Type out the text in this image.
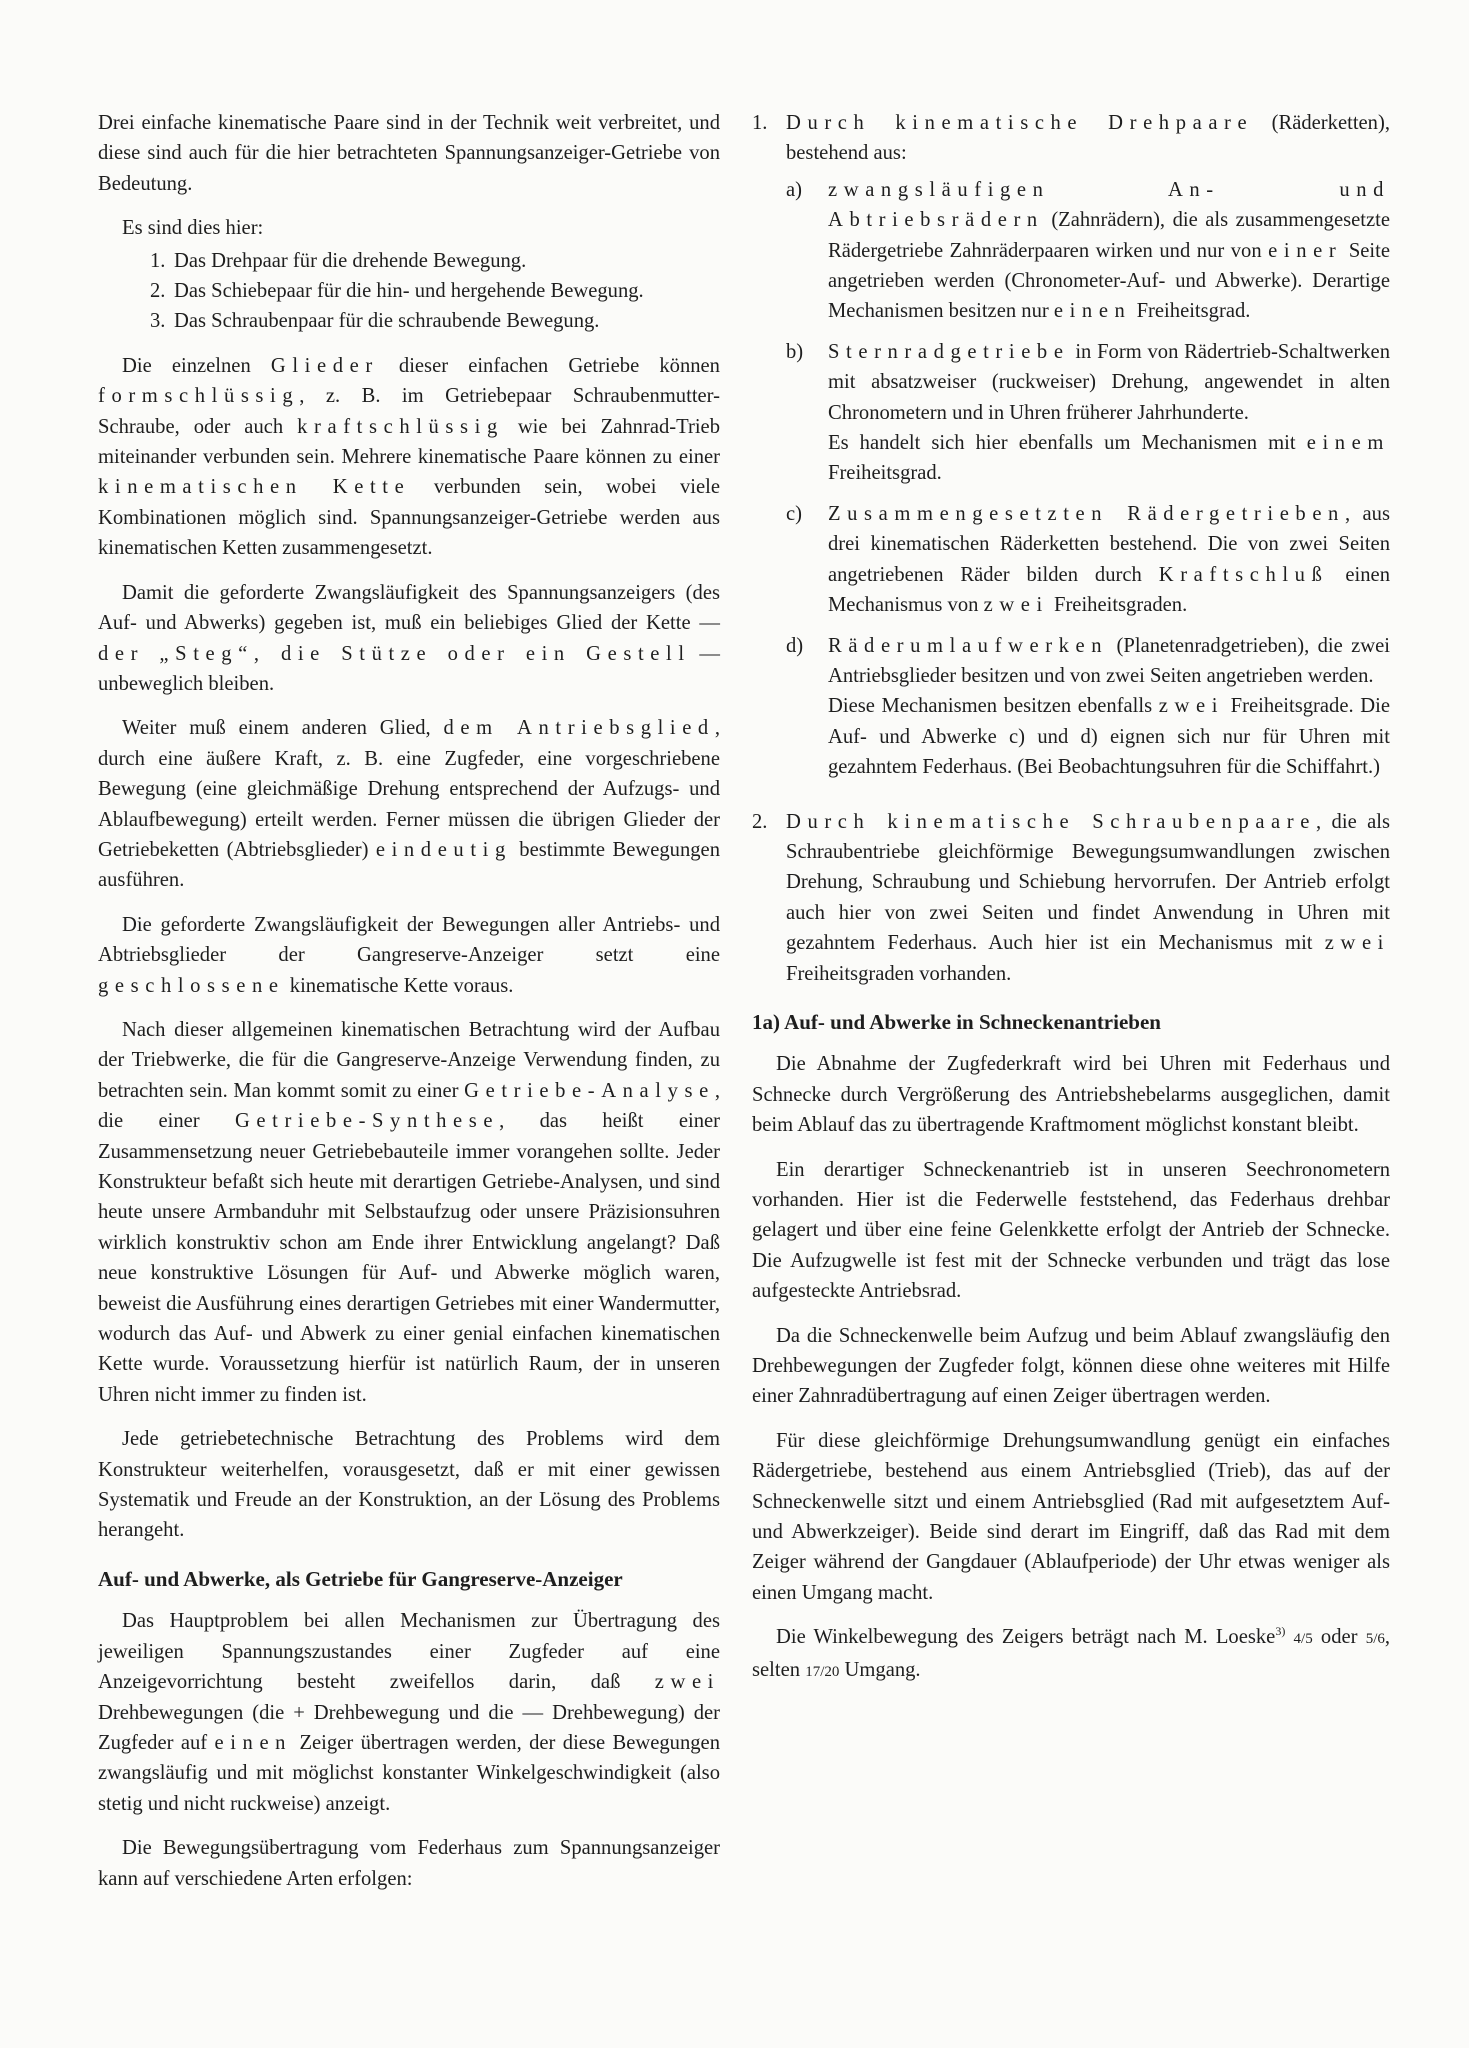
Drei einfache kinematische Paare sind in der Technik weit verbreitet, und diese sind auch für die hier betrachteten Spannungsanzeiger-Getriebe von Bedeutung.

Es sind dies hier:

1. Das Drehpaar für die drehende Bewegung.
2. Das Schiebepaar für die hin- und hergehende Bewegung.
3. Das Schraubenpaar für die schraubende Bewegung.

Die einzelnen Glieder dieser einfachen Getriebe können formschlüssig, z. B. im Getriebepaar Schraubenmutter-Schraube, oder auch kraftschlüssig wie bei Zahnrad-Trieb miteinander verbunden sein. Mehrere kinematische Paare können zu einer kinematischen Kette verbunden sein, wobei viele Kombinationen möglich sind. Spannungsanzeiger-Getriebe werden aus kinematischen Ketten zusammengesetzt.

Damit die geforderte Zwangsläufigkeit des Spannungsanzeigers (des Auf- und Abwerks) gegeben ist, muß ein beliebiges Glied der Kette — der „Steg“, die Stütze oder ein Gestell — unbeweglich bleiben.

Weiter muß einem anderen Glied, dem Antriebsglied, durch eine äußere Kraft, z. B. eine Zugfeder, eine vorgeschriebene Bewegung (eine gleichmäßige Drehung entsprechend der Aufzugs- und Ablaufbewegung) erteilt werden. Ferner müssen die übrigen Glieder der Getriebeketten (Abtriebsglieder) eindeutig bestimmte Bewegungen ausführen.

Die geforderte Zwangsläufigkeit der Bewegungen aller Antriebs- und Abtriebsglieder der Gangreserve-Anzeiger setzt eine geschlossene kinematische Kette voraus.

Nach dieser allgemeinen kinematischen Betrachtung wird der Aufbau der Triebwerke, die für die Gangreserve-Anzeige Verwendung finden, zu betrachten sein. Man kommt somit zu einer Getriebe-Analyse, die einer Getriebe-Synthese, das heißt einer Zusammensetzung neuer Getriebebauteile immer vorangehen sollte. Jeder Konstrukteur befaßt sich heute mit derartigen Getriebe-Analysen, und sind heute unsere Armbanduhr mit Selbstaufzug oder unsere Präzisionsuhren wirklich konstruktiv schon am Ende ihrer Entwicklung angelangt? Daß neue konstruktive Lösungen für Auf- und Abwerke möglich waren, beweist die Ausführung eines derartigen Getriebes mit einer Wandermutter, wodurch das Auf- und Abwerk zu einer genial einfachen kinematischen Kette wurde. Voraussetzung hierfür ist natürlich Raum, der in unseren Uhren nicht immer zu finden ist.

Jede getriebetechnische Betrachtung des Problems wird dem Konstrukteur weiterhelfen, vorausgesetzt, daß er mit einer gewissen Systematik und Freude an der Konstruktion, an der Lösung des Problems herangeht.

Auf- und Abwerke, als Getriebe für Gangreserve-Anzeiger

Das Hauptproblem bei allen Mechanismen zur Übertragung des jeweiligen Spannungszustandes einer Zugfeder auf eine Anzeigevorrichtung besteht zweifellos darin, daß zwei Drehbewegungen (die + Drehbewegung und die — Drehbewegung) der Zugfeder auf einen Zeiger übertragen werden, der diese Bewegungen zwangsläufig und mit möglichst konstanter Winkelgeschwindigkeit (also stetig und nicht ruckweise) anzeigt.

Die Bewegungsübertragung vom Federhaus zum Spannungsanzeiger kann auf verschiedene Arten erfolgen:

1. Durch kinematische Drehpaare (Räderketten), bestehend aus:
a)	zwangsläufigen An- und Abtriebsrädern (Zahnrädern), die als zusammengesetzte Rädergetriebe Zahnräderpaaren wirken und nur von einer Seite angetrieben werden (Chronometer-Auf- und Abwerke). Derartige Mechanismen besitzen nur einen Freiheitsgrad.
b)	Sternradgetriebe in Form von Rädertrieb-Schaltwerken mit absatzweiser (ruckweiser) Drehung, angewendet in alten Chronometern und in Uhren früherer Jahrhunderte.
Es handelt sich hier ebenfalls um Mechanismen mit einem Freiheitsgrad.
c)	Zusammengesetzten Rädergetrieben, aus drei kinematischen Räderketten bestehend. Die von zwei Seiten angetriebenen Räder bilden durch Kraftschluß einen Mechanismus von zwei Freiheitsgraden.
d)	Räderumlaufwerken (Planetenradgetrieben), die zwei Antriebsglieder besitzen und von zwei Seiten angetrieben werden.
Diese Mechanismen besitzen ebenfalls zwei Freiheitsgrade. Die Auf- und Abwerke c) und d) eignen sich nur für Uhren mit gezahntem Federhaus. (Bei Beobachtungsuhren für die Schiffahrt.)
2. Durch kinematische Schraubenpaare, die als Schraubentriebe gleichförmige Bewegungsumwandlungen zwischen Drehung, Schraubung und Schiebung hervorrufen. Der Antrieb erfolgt auch hier von zwei Seiten und findet Anwendung in Uhren mit gezahntem Federhaus. Auch hier ist ein Mechanismus mit zwei Freiheitsgraden vorhanden.
1a) Auf- und Abwerke in Schneckenantrieben

Die Abnahme der Zugfederkraft wird bei Uhren mit Federhaus und Schnecke durch Vergrößerung des Antriebshebelarms ausgeglichen, damit beim Ablauf das zu übertragende Kraftmoment möglichst konstant bleibt.

Ein derartiger Schneckenantrieb ist in unseren Seechronometern vorhanden. Hier ist die Federwelle feststehend, das Federhaus drehbar gelagert und über eine feine Gelenkkette erfolgt der Antrieb der Schnecke. Die Aufzugwelle ist fest mit der Schnecke verbunden und trägt das lose aufgesteckte Antriebsrad.

Da die Schneckenwelle beim Aufzug und beim Ablauf zwangsläufig den Drehbewegungen der Zugfeder folgt, können diese ohne weiteres mit Hilfe einer Zahnradübertragung auf einen Zeiger übertragen werden.

Für diese gleichförmige Drehungsumwandlung genügt ein einfaches Rädergetriebe, bestehend aus einem Antriebsglied (Trieb), das auf der Schneckenwelle sitzt und einem Antriebsglied (Rad mit aufgesetztem Auf- und Abwerkzeiger). Beide sind derart im Eingriff, daß das Rad mit dem Zeiger während der Gangdauer (Ablaufperiode) der Uhr etwas weniger als einen Umgang macht.

Die Winkelbewegung des Zeigers beträgt nach M. Loeske$^{3)}$ 4/5 oder 5/6, selten 17/20 Umgang.
